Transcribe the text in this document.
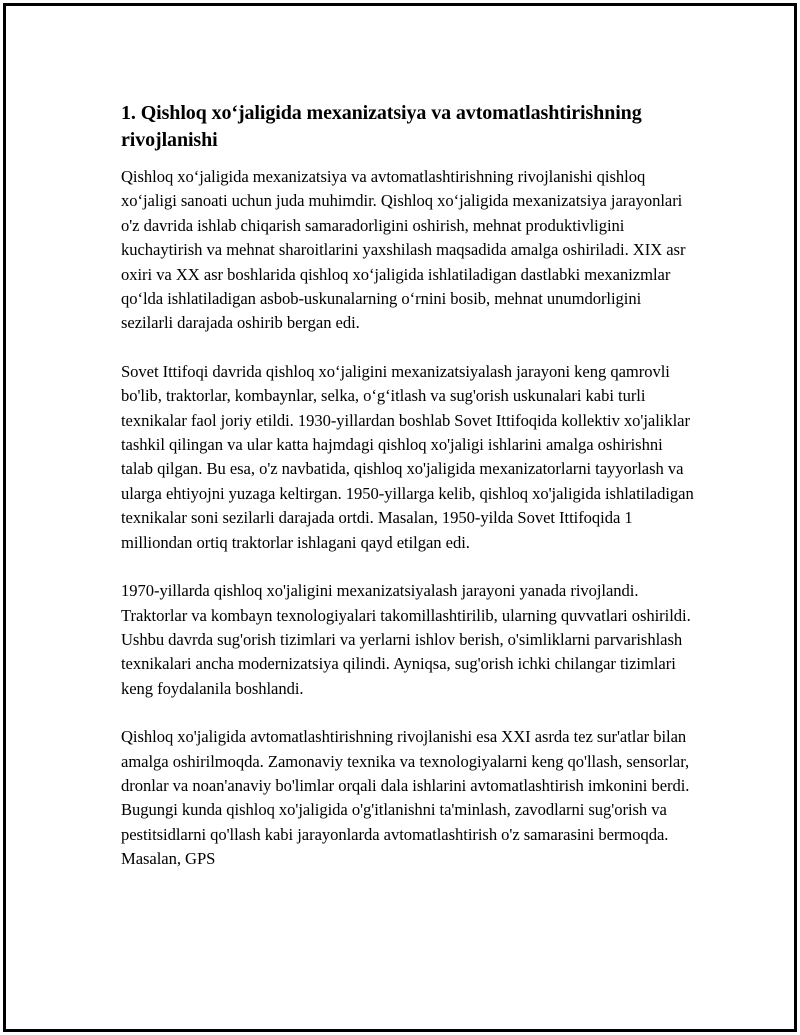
1. Qishloq xo‘jaligida mexanizatsiya va avtomatlashtirishning rivojlanishi

Qishloq xo‘jaligida mexanizatsiya va avtomatlashtirishning rivojlanishi qishloq xo‘jaligi sanoati uchun juda muhimdir. Qishloq xo‘jaligida mexanizatsiya jarayonlari o'z davrida ishlab chiqarish samaradorligini oshirish, mehnat produktivligini kuchaytirish va mehnat sharoitlarini yaxshilash maqsadida amalga oshiriladi. XIX asr oxiri va XX asr boshlarida qishloq xo‘jaligida ishlatiladigan dastlabki mexanizmlar qo‘lda ishlatiladigan asbob-uskunalarning o‘rnini bosib, mehnat unumdorligini sezilarli darajada oshirib bergan edi.

Sovet Ittifoqi davrida qishloq xo‘jaligini mexanizatsiyalash jarayoni keng qamrovli bo'lib, traktorlar, kombaynlar, selka, o‘g‘itlash va sug'orish uskunalari kabi turli texnikalar faol joriy etildi. 1930-yillardan boshlab Sovet Ittifoqida kollektiv xo'jaliklar tashkil qilingan va ular katta hajmdagi qishloq xo'jaligi ishlarini amalga oshirishni talab qilgan. Bu esa, o'z navbatida, qishloq xo'jaligida mexanizatorlarni tayyorlash va ularga ehtiyojni yuzaga keltirgan. 1950-yillarga kelib, qishloq xo'jaligida ishlatiladigan texnikalar soni sezilarli darajada ortdi. Masalan, 1950-yilda Sovet Ittifoqida 1 milliondan ortiq traktorlar ishlagani qayd etilgan edi.

1970-yillarda qishloq xo'jaligini mexanizatsiyalash jarayoni yanada rivojlandi. Traktorlar va kombayn texnologiyalari takomillashtirilib, ularning quvvatlari oshirildi. Ushbu davrda sug'orish tizimlari va yerlarni ishlov berish, o'simliklarni parvarishlash texnikalari ancha modernizatsiya qilindi. Ayniqsa, sug'orish ichki chilangar tizimlari keng foydalanila boshlandi.

Qishloq xo'jaligida avtomatlashtirishning rivojlanishi esa XXI asrda tez sur'atlar bilan amalga oshirilmoqda. Zamonaviy texnika va texnologiyalarni keng qo'llash, sensorlar, dronlar va noan'anaviy bo'limlar orqali dala ishlarini avtomatlashtirish imkonini berdi. Bugungi kunda qishloq xo'jaligida o'g'itlanishni ta'minlash, zavodlarni sug'orish va pestitsidlarni qo'llash kabi jarayonlarda avtomatlashtirish o'z samarasini bermoqda. Masalan, GPS
